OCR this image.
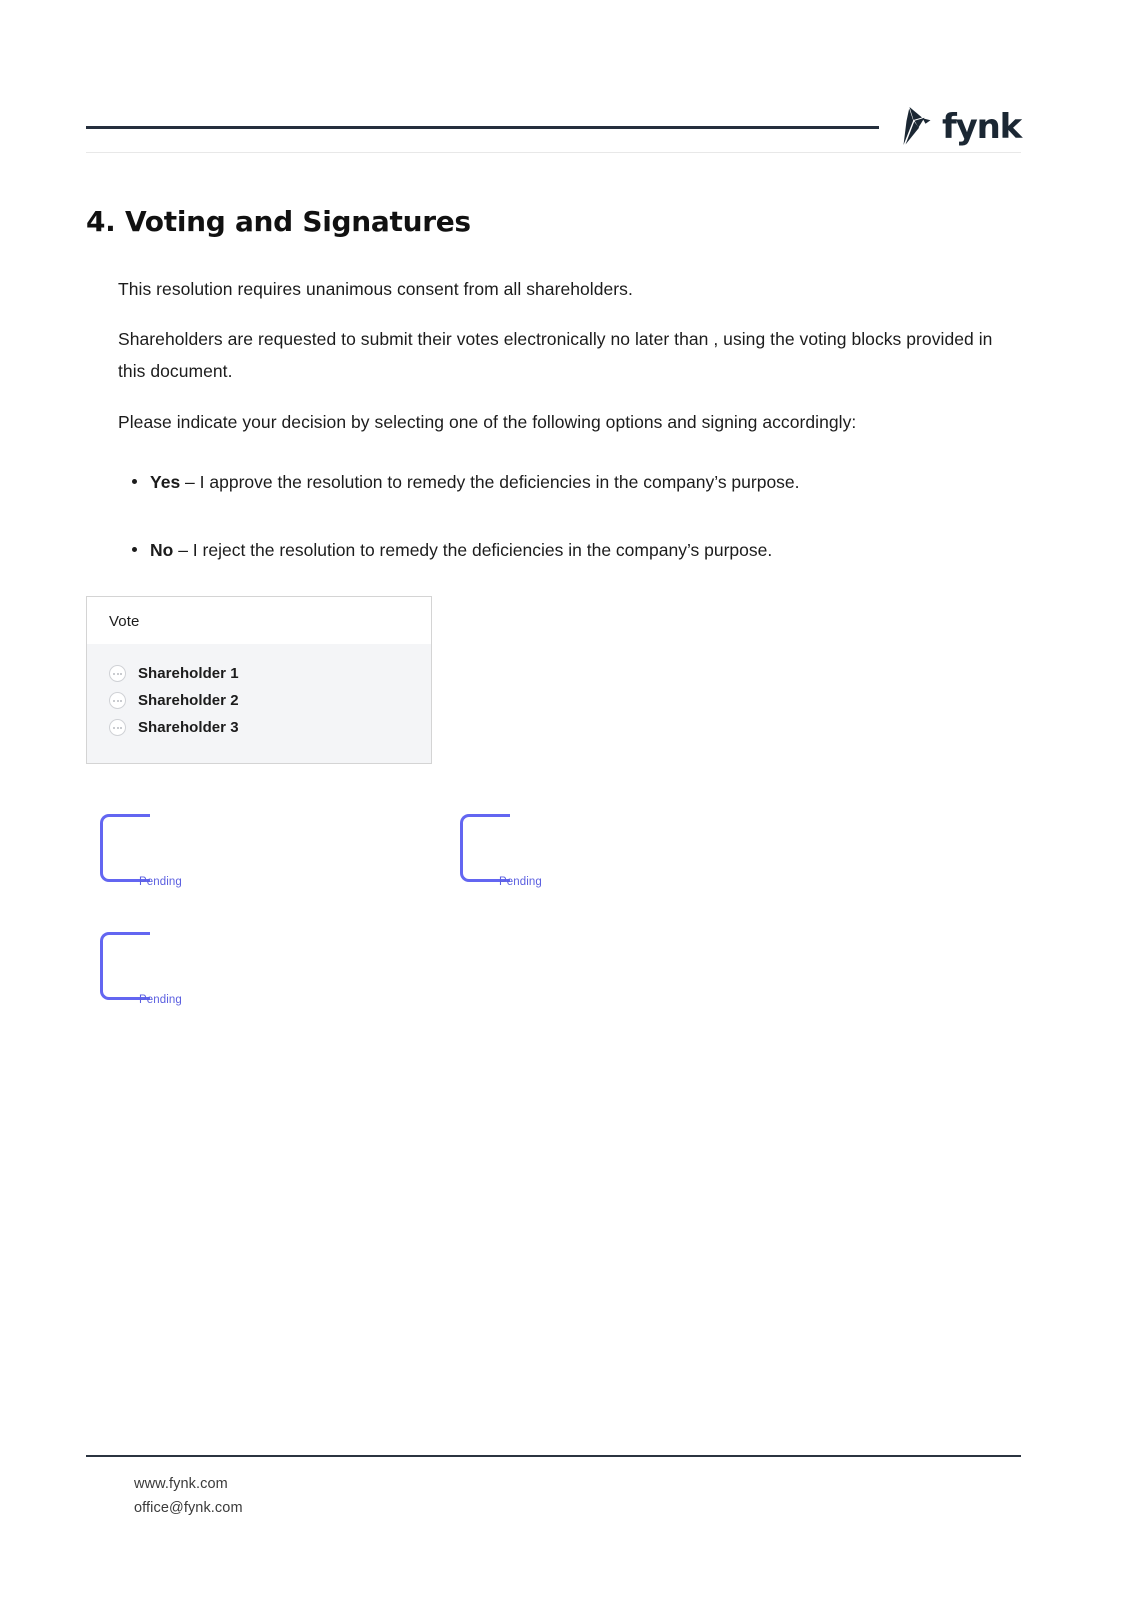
fynk
4. Voting and Signatures

This resolution requires unanimous consent from all shareholders.

Shareholders are requested to submit their votes electronically no later than , using the voting blocks provided in this document.

Please indicate your decision by selecting one of the following options and signing accordingly:

Yes – I approve the resolution to remedy the deficiencies in the company’s purpose.
No – I reject the resolution to remedy the deficiencies in the company’s purpose.
Vote
Shareholder 1
Shareholder 2
Shareholder 3
Pending	Pending
Pending
www.fynk.com
office@fynk.com
